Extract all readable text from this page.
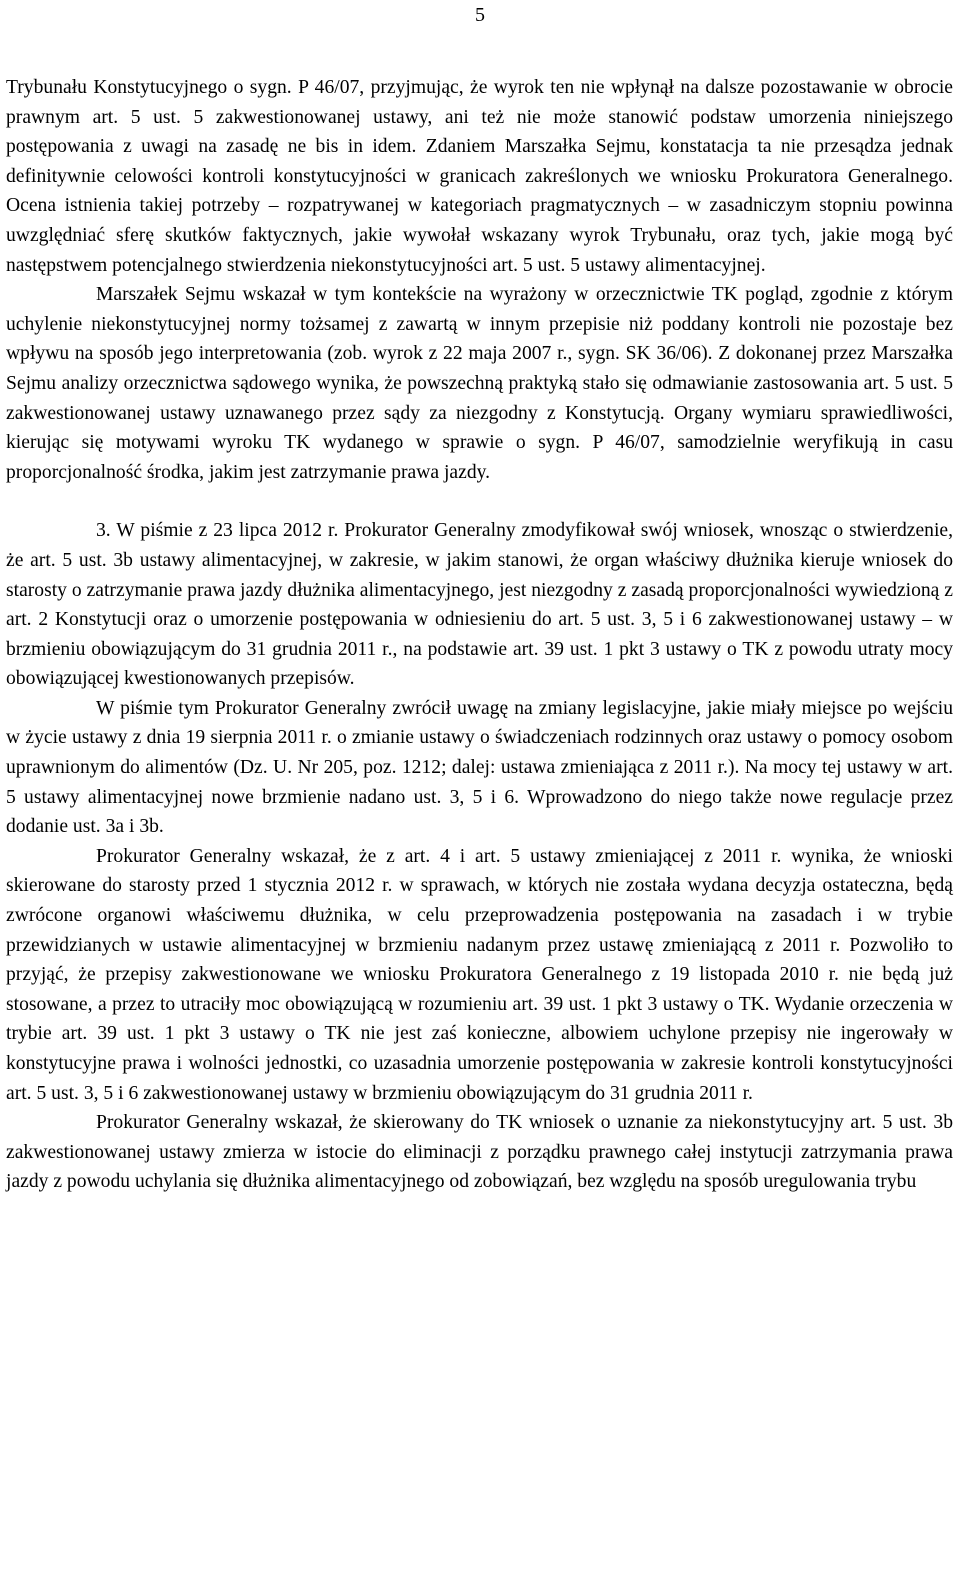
5

Trybunału Konstytucyjnego o sygn. P 46/07, przyjmując, że wyrok ten nie wpłynął na dalsze pozostawanie w obrocie prawnym art. 5 ust. 5 zakwestionowanej ustawy, ani też nie może stanowić podstaw umorzenia niniejszego postępowania z uwagi na zasadę ne bis in idem. Zdaniem Marszałka Sejmu, konstatacja ta nie przesądza jednak definitywnie celowości kontroli konstytucyjności w granicach zakreślonych we wniosku Prokuratora Generalnego. Ocena istnienia takiej potrzeby – rozpatrywanej w kategoriach pragmatycznych – w zasadniczym stopniu powinna uwzględniać sferę skutków faktycznych, jakie wywołał wskazany wyrok Trybunału, oraz tych, jakie mogą być następstwem potencjalnego stwierdzenia niekonstytucyjności art. 5 ust. 5 ustawy alimentacyjnej.

Marszałek Sejmu wskazał w tym kontekście na wyrażony w orzecznictwie TK pogląd, zgodnie z którym uchylenie niekonstytucyjnej normy tożsamej z zawartą w innym przepisie niż poddany kontroli nie pozostaje bez wpływu na sposób jego interpretowania (zob. wyrok z 22 maja 2007 r., sygn. SK 36/06). Z dokonanej przez Marszałka Sejmu analizy orzecznictwa sądowego wynika, że powszechną praktyką stało się odmawianie zastosowania art. 5 ust. 5 zakwestionowanej ustawy uznawanego przez sądy za niezgodny z Konstytucją. Organy wymiaru sprawiedliwości, kierując się motywami wyroku TK wydanego w sprawie o sygn. P 46/07, samodzielnie weryfikują in casu proporcjonalność środka, jakim jest zatrzymanie prawa jazdy.

3. W piśmie z 23 lipca 2012 r. Prokurator Generalny zmodyfikował swój wniosek, wnosząc o stwierdzenie, że art. 5 ust. 3b ustawy alimentacyjnej, w zakresie, w jakim stanowi, że organ właściwy dłużnika kieruje wniosek do starosty o zatrzymanie prawa jazdy dłużnika alimentacyjnego, jest niezgodny z zasadą proporcjonalności wywiedzioną z art. 2 Konstytucji oraz o umorzenie postępowania w odniesieniu do art. 5 ust. 3, 5 i 6 zakwestionowanej ustawy – w brzmieniu obowiązującym do 31 grudnia 2011 r., na podstawie art. 39 ust. 1 pkt 3 ustawy o TK z powodu utraty mocy obowiązującej kwestionowanych przepisów.

W piśmie tym Prokurator Generalny zwrócił uwagę na zmiany legislacyjne, jakie miały miejsce po wejściu w życie ustawy z dnia 19 sierpnia 2011 r. o zmianie ustawy o świadczeniach rodzinnych oraz ustawy o pomocy osobom uprawnionym do alimentów (Dz. U. Nr 205, poz. 1212; dalej: ustawa zmieniająca z 2011 r.). Na mocy tej ustawy w art. 5 ustawy alimentacyjnej nowe brzmienie nadano ust. 3, 5 i 6. Wprowadzono do niego także nowe regulacje przez dodanie ust. 3a i 3b.

Prokurator Generalny wskazał, że z art. 4 i art. 5 ustawy zmieniającej z 2011 r. wynika, że wnioski skierowane do starosty przed 1 stycznia 2012 r. w sprawach, w których nie została wydana decyzja ostateczna, będą zwrócone organowi właściwemu dłużnika, w celu przeprowadzenia postępowania na zasadach i w trybie przewidzianych w ustawie alimentacyjnej w brzmieniu nadanym przez ustawę zmieniającą z 2011 r. Pozwoliło to przyjąć, że przepisy zakwestionowane we wniosku Prokuratora Generalnego z 19 listopada 2010 r. nie będą już stosowane, a przez to utraciły moc obowiązującą w rozumieniu art. 39 ust. 1 pkt 3 ustawy o TK. Wydanie orzeczenia w trybie art. 39 ust. 1 pkt 3 ustawy o TK nie jest zaś konieczne, albowiem uchylone przepisy nie ingerowały w konstytucyjne prawa i wolności jednostki, co uzasadnia umorzenie postępowania w zakresie kontroli konstytucyjności art. 5 ust. 3, 5 i 6 zakwestionowanej ustawy w brzmieniu obowiązującym do 31 grudnia 2011 r.

Prokurator Generalny wskazał, że skierowany do TK wniosek o uznanie za niekonstytucyjny art. 5 ust. 3b zakwestionowanej ustawy zmierza w istocie do eliminacji z porządku prawnego całej instytucji zatrzymania prawa jazdy z powodu uchylania się dłużnika alimentacyjnego od zobowiązań, bez względu na sposób uregulowania trybu
